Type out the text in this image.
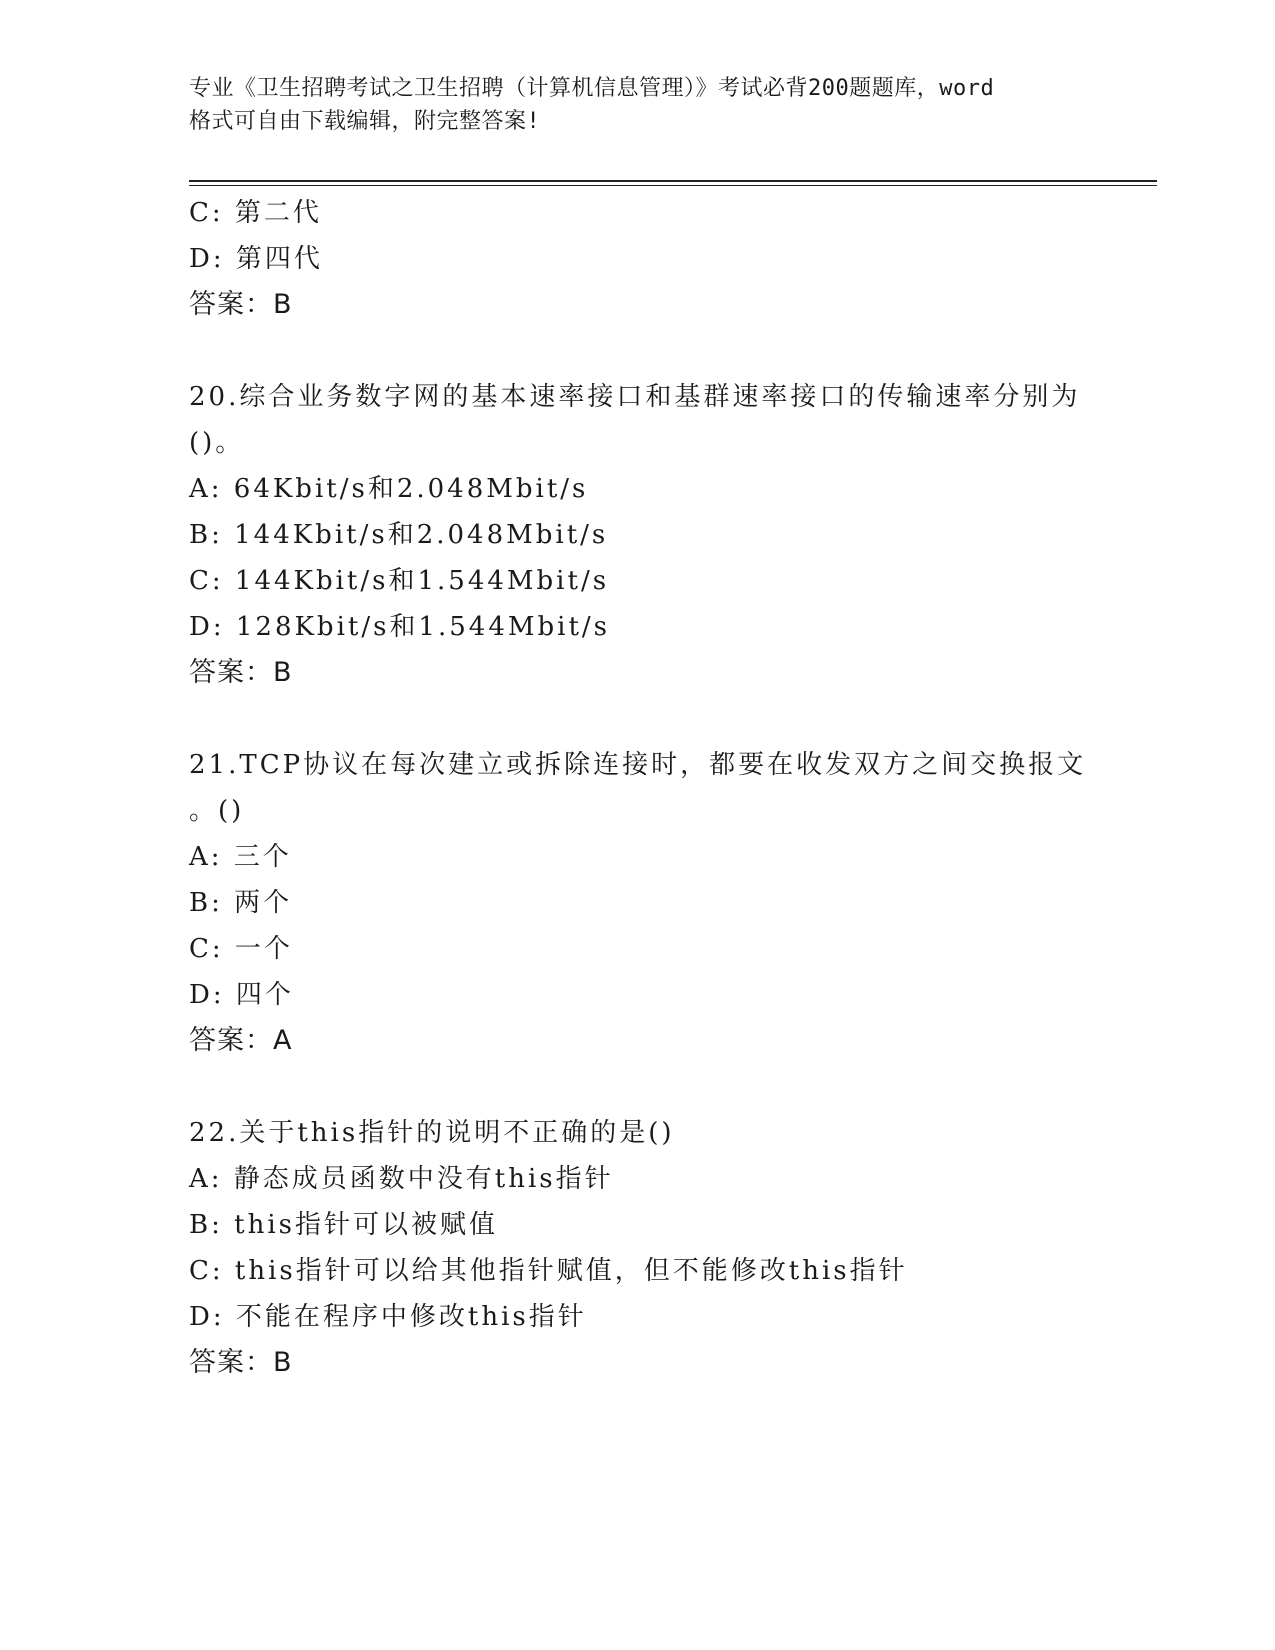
专业《卫生招聘考试之卫生招聘（计算机信息管理）》考试必背200题题库，word
格式可自由下载编辑，附完整答案!
C: 第二代
D: 第四代
答案：B
20.综合业务数字网的基本速率接口和基群速率接口的传输速率分别为
()。
A: 64Kbit/s和2.048Mbit/s
B: 144Kbit/s和2.048Mbit/s
C: 144Kbit/s和1.544Mbit/s
D: 128Kbit/s和1.544Mbit/s
答案：B
21.TCP协议在每次建立或拆除连接时，都要在收发双方之间交换报文
。()
A: 三个
B: 两个
C: 一个
D: 四个
答案：A
22.关于this指针的说明不正确的是()
A: 静态成员函数中没有this指针
B: this指针可以被赋值
C: this指针可以给其他指针赋值，但不能修改this指针
D: 不能在程序中修改this指针
答案：B
